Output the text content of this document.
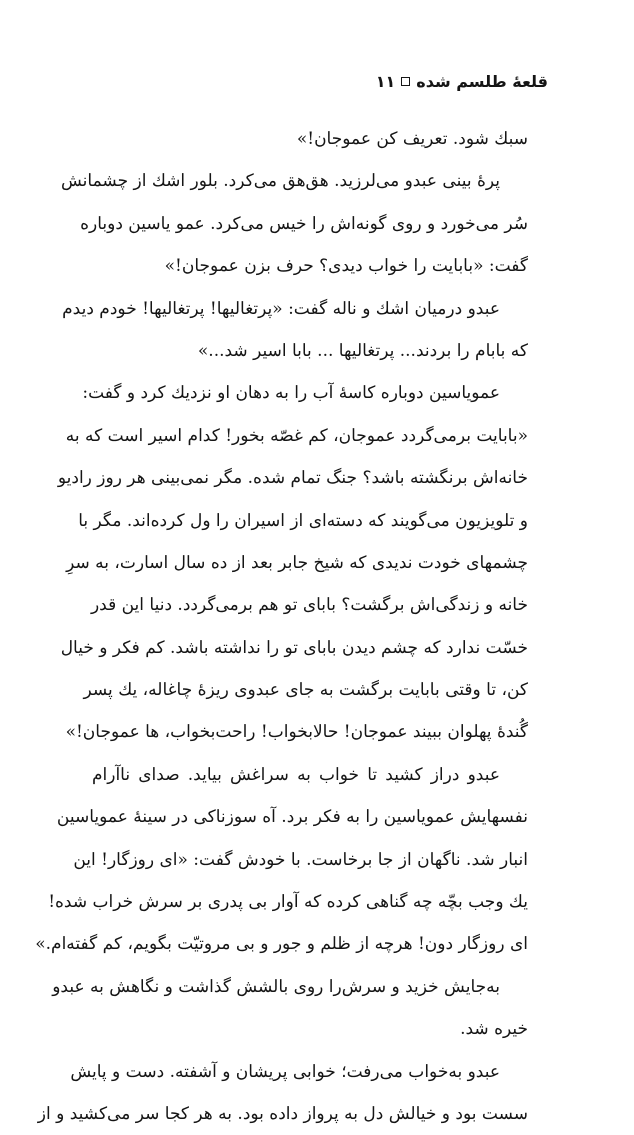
قلعهٔ طلسم شده
۱۱
سبك شود. تعريف كن عموجان!»
پرهٔ بینی عبدو می‌لرزید. هق‌هق می‌کرد. بلور اشك از چشمانش
سُر می‌خورد و روی گونه‌اش را خیس می‌کرد. عمو یاسین دوباره
گفت: «بابایت را خواب دیدی؟ حرف بزن عموجان!»
عبدو درمیان اشك و ناله گفت: «پرتغالیها! پرتغالیها! خودم دیدم
كه بابام را بردند... پرتغالیها ... بابا اسیر شد...»
عموياسين دوباره كاسهٔ آب را به دهان او نزديك كرد و گفت:
«بابايت برمی‌گردد عموجان، كم غصّه بخور! كدام اسير است كه به
خانه‌اش برنگشته باشد؟ جنگ تمام شده. مگر نمی‌بینی هر روز راديو
و تلویزیون می‌گویند كه دسته‌ای از اسیران را ول كرده‌اند. مگر با
چشمهای خودت نديدی كه شيخ جابر بعد از ده سال اسارت، به سرِ
خانه و زندگی‌اش برگشت؟ بابای تو هم برمی‌گردد. دنيا اين قدر
خسّت ندارد كه چشم ديدن بابای تو را نداشته باشد. كم فكر و خيال
كن، تا وقتی بابايت برگشت به جای عبدوی ريزهٔ چاغاله، يك پسر
گُندهٔ پهلوان ببیند عموجان! حالابخواب! راحت‌بخواب، ها عموجان!»
عبدو دراز كشيد تا خواب به سراغش بيايد. صدای ناآرام
نفسهايش عموياسين را به فكر برد. آه سوزناكی در سينهٔ عموياسين
انبار شد. ناگهان از جا برخاست. با خودش گفت: «ای روزگار! اين
يك وجب بچّه چه گناهی كرده كه آوار بی پدری بر سرش خراب شده!
ای روزگار دون! هرچه از ظلم و جور و بی مروتيّت بگويم، كم گفته‌ام.»
به‌جايش خزيد و سرش‌را روی بالشش گذاشت و نگاهش به عبدو
خيره شد.
عبدو به‌خواب می‌رفت؛ خوابی پريشان و آشفته. دست و پايش
سست بود و خيالش دل به پرواز داده بود. به هر كجا سر می‌كشيد و از
